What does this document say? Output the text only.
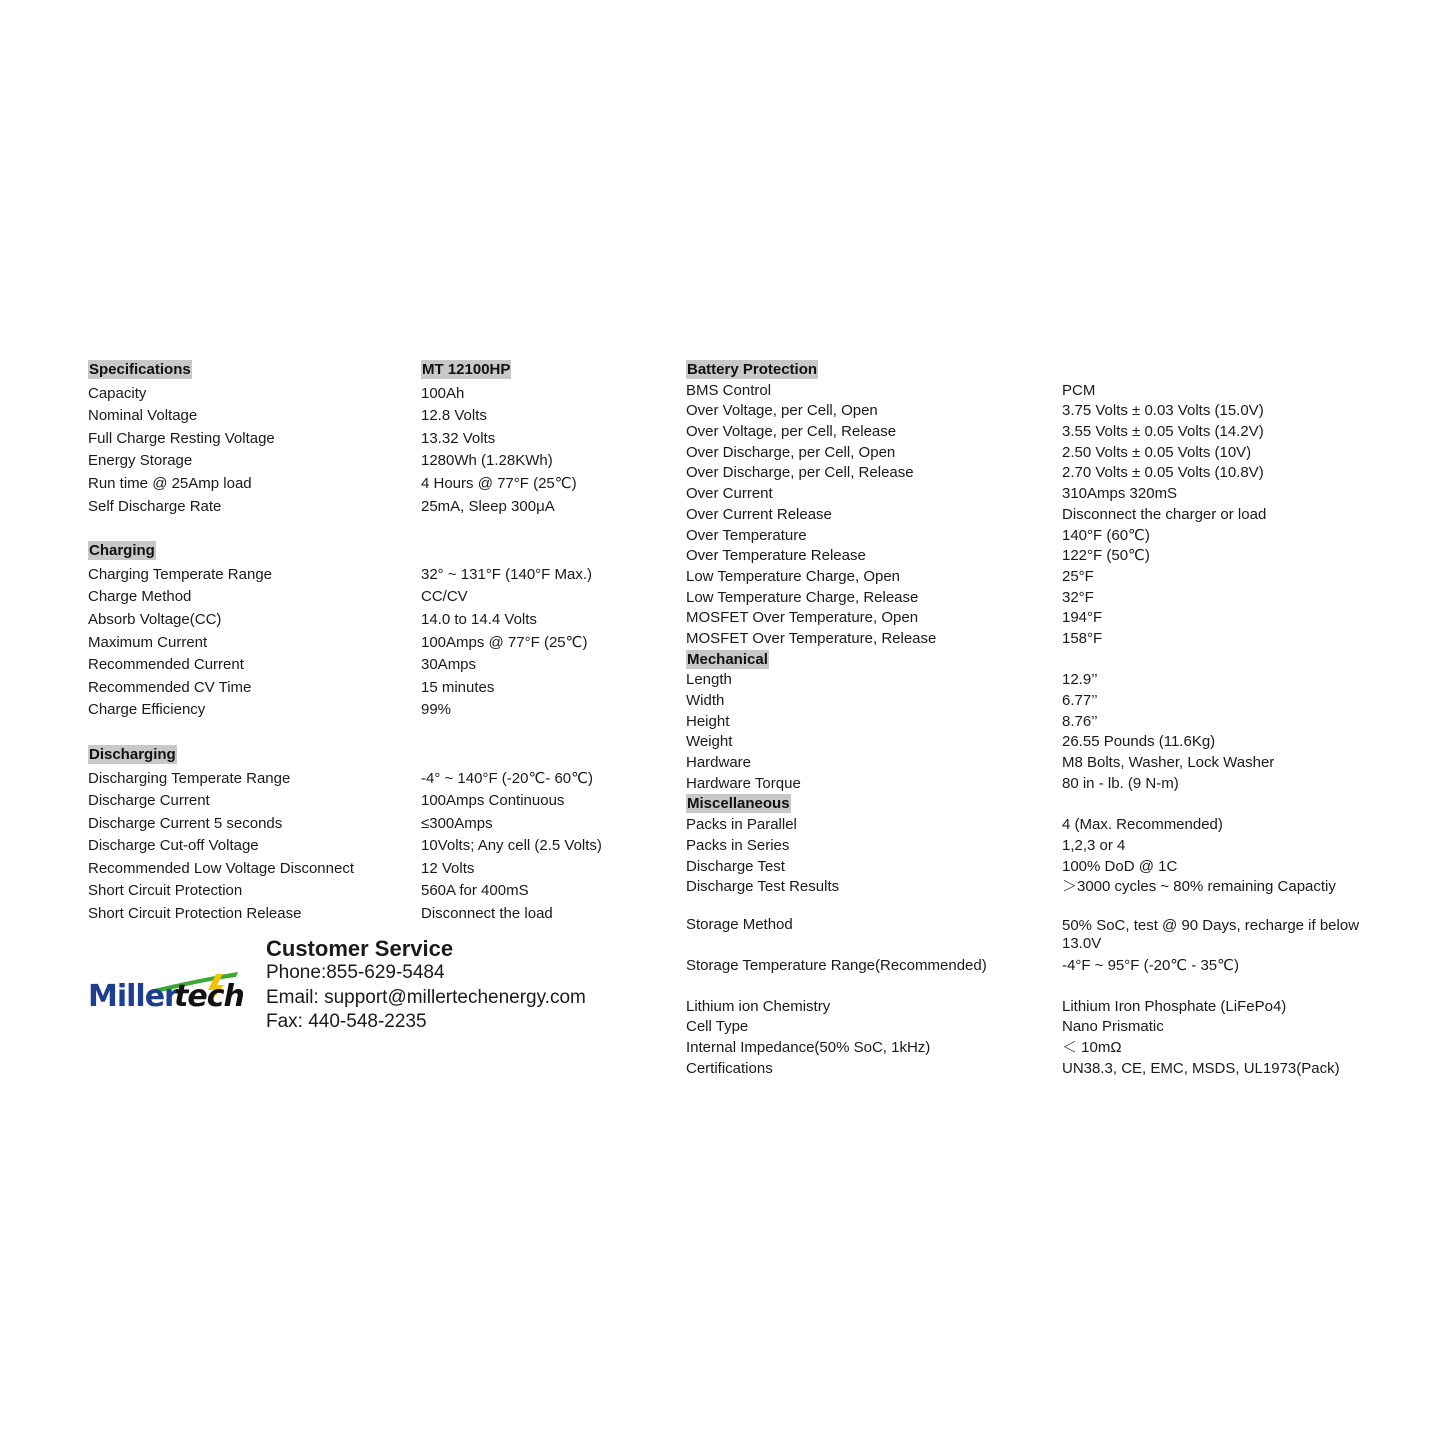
Specifications	MT 12100HP
Capacity	100Ah
Nominal Voltage	12.8 Volts
Full Charge Resting Voltage	13.32 Volts
Energy Storage	1280Wh (1.28KWh)
Run time @ 25Amp load	4 Hours @ 77°F (25℃)
Self Discharge Rate	25mA, Sleep 300μA
Charging
Charging Temperate Range	32° ~ 131°F (140°F Max.)
Charge Method	CC/CV
Absorb Voltage(CC)	14.0 to 14.4 Volts
Maximum Current	100Amps @ 77°F (25℃)
Recommended Current	30Amps
Recommended CV Time	15 minutes
Charge Efficiency	99%
Discharging
Discharging Temperate Range	-4° ~ 140°F (-20℃- 60℃)
Discharge Current	100Amps Continuous
Discharge Current 5 seconds	≤300Amps
Discharge Cut-off Voltage	10Volts; Any cell (2.5 Volts)
Recommended Low Voltage Disconnect	12 Volts
Short Circuit Protection	560A for 400mS
Short Circuit Protection Release	Disconnect the load
Battery Protection
BMS Control	PCM
Over Voltage, per Cell, Open	3.75 Volts ± 0.03 Volts (15.0V)
Over Voltage, per Cell, Release	3.55 Volts ± 0.05 Volts (14.2V)
Over Discharge, per Cell, Open	2.50 Volts ± 0.05 Volts (10V)
Over Discharge, per Cell, Release	2.70 Volts ± 0.05 Volts (10.8V)
Over Current	310Amps 320mS
Over Current Release	Disconnect the charger or load
Over Temperature	140°F (60℃)
Over Temperature Release	122°F (50℃)
Low Temperature Charge, Open	25°F
Low Temperature Charge, Release	32°F
MOSFET Over Temperature, Open	194°F
MOSFET Over Temperature, Release	158°F
Mechanical
Length	12.9’’
Width	6.77’’
Height	8.76’’
Weight	26.55 Pounds (11.6Kg)
Hardware	M8 Bolts, Washer, Lock Washer
Hardware Torque	80 in - lb. (9 N-m)
Miscellaneous
Packs in Parallel	4 (Max. Recommended)
Packs in Series	1,2,3 or 4
Discharge Test	100% DoD @ 1C
Discharge Test Results	＞3000 cycles ~ 80% remaining Capactiy
Storage Method	50% SoC, test @ 90 Days, recharge if below 13.0V
Storage Temperature Range(Recommended)	-4°F ~ 95°F (-20℃ - 35℃)
Lithium ion Chemistry	Lithium Iron Phosphate (LiFePo4)
Cell Type	Nano Prismatic
Internal Impedance(50% SoC, 1kHz)	＜ 10mΩ
Certifications	UN38.3, CE, EMC, MSDS, UL1973(Pack)
Miller
tech
Customer Service
Phone:855-629-5484
Email: support@millertechenergy.com
Fax: 440-548-2235
